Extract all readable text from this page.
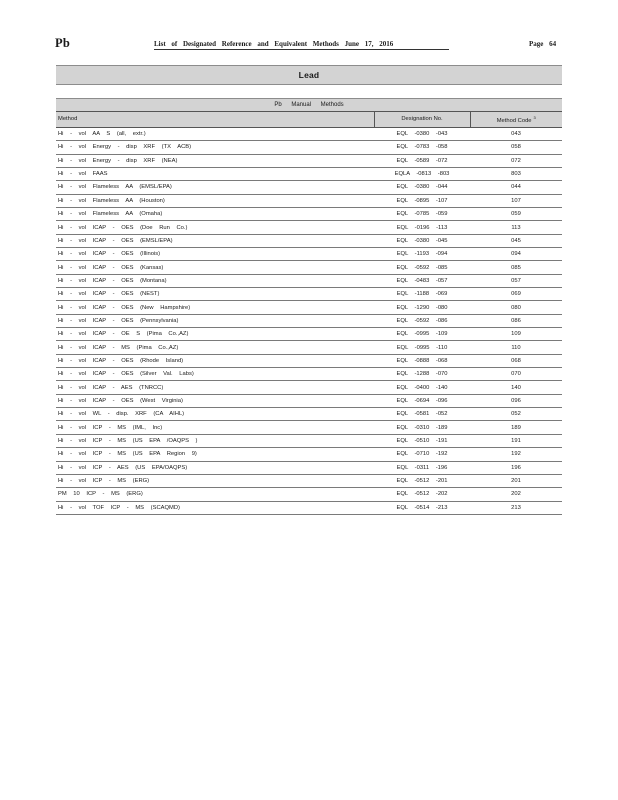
Pb	List of Designated Reference and Equivalent Methods June 17, 2016	Page 64
Lead
Pb Manual Methods
Method	Designation No.	Method Code$^3$
Hi - vol AA S (all, extr.)	EQL -0380 -043	043
Hi - vol Energy - disp XRF (TX ACB)	EQL -0783 -058	058
Hi - vol Energy - disp XRF (NEA)	EQL -0589 -072	072
Hi - vol FAAS	EQLA -0813 -803	803
Hi - vol Flameless AA (EMSL/EPA)	EQL -0380 -044	044
Hi - vol Flameless AA (Houston)	EQL -0895 -107	107
Hi - vol Flameless AA (Omaha)	EQL -0785 -059	059
Hi - vol ICAP - OES (Doe Run Co.)	EQL -0196 -113	113
Hi - vol ICAP - OES (EMSL/EPA)	EQL -0380 -045	045
Hi - vol ICAP - OES (Illinois)	EQL -1193 -094	094
Hi - vol ICAP - OES (Kansas)	EQL -0592 -085	085
Hi - vol ICAP - OES (Montana)	EQL -0483 -057	057
Hi - vol ICAP - OES (NEST)	EQL -1188 -069	069
Hi - vol ICAP - OES (New Hampshire)	EQL -1290 -080	080
Hi - vol ICAP - OES (Pennsylvania)	EQL -0592 -086	086
Hi - vol ICAP - OE S (Pima Co.,AZ)	EQL -0995 -109	109
Hi - vol ICAP - MS (Pima Co.,AZ)	EQL -0995 -110	110
Hi - vol ICAP - OES (Rhode Island)	EQL -0888 -068	068
Hi - vol ICAP - OES (Silver Val. Labs)	EQL -1288 -070	070
Hi - vol ICAP - AES (TNRCC)	EQL -0400 -140	140
Hi - vol ICAP - OES (West Virginia)	EQL -0694 -096	096
Hi - vol WL - disp. XRF (CA AIHL)	EQL -0581 -052	052
Hi - vol ICP - MS (IML, Inc)	EQL -0310 -189	189
Hi - vol ICP - MS (US EPA /OAQPS )	EQL -0510 -191	191
Hi - vol ICP - MS (US EPA Region 9)	EQL -0710 -192	192
Hi - vol ICP - AES (US EPA/OAQPS)	EQL -0311 -196	196
Hi - vol ICP - MS (ERG)	EQL -0512 -201	201
PM 10 ICP - MS (ERG)	EQL -0512 -202	202
Hi - vol TOF ICP - MS (SCAQMD)	EQL -0514 -213	213
